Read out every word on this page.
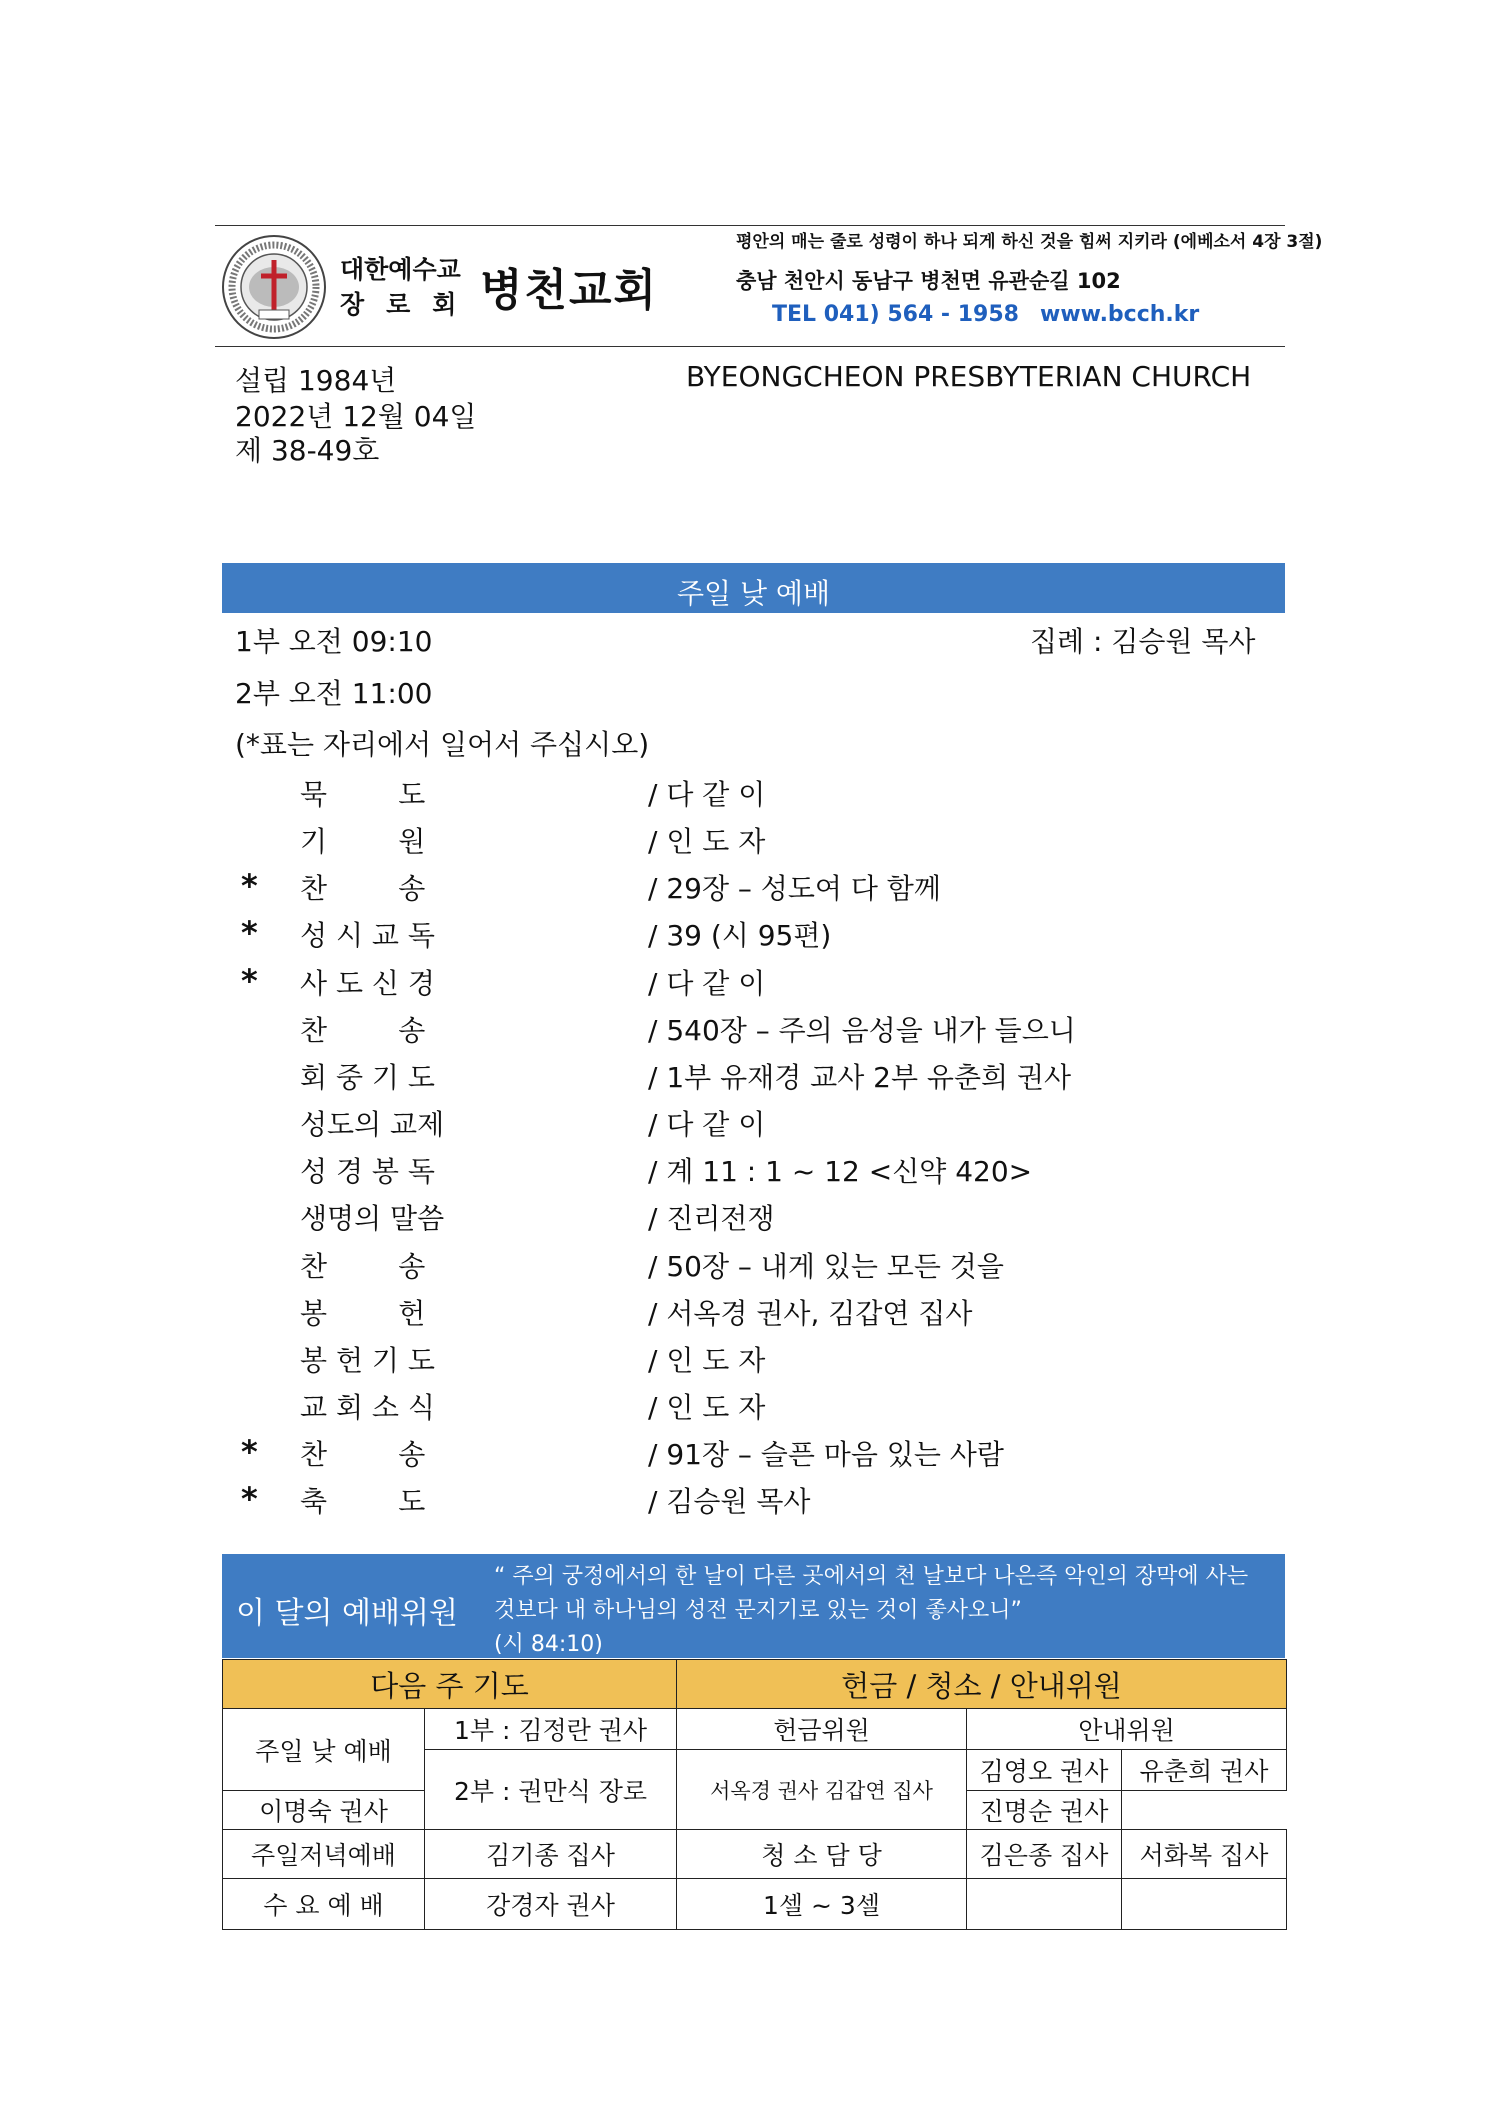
대한예수교
장로회 병천교회
평안의 매는 줄로 성령이 하나 되게 하신 것을 힘써 지키라 (에베소서 4장 3절)
충남 천안시 동남구 병천면 유관순길 102
TEL 041) 564 - 1958 www.bcch.kr
설립 1984년
2022년 12월 04일
제 38-49호
BYEONGCHEON PRESBYTERIAN CHURCH
주일 낮 예배
1부 오전 09:10	집례 : 김승원 목사
2부 오전 11:00
(*표는 자리에서 일어서 주십시오)
묵        도	/ 다 같 이
기        원	/ 인 도 자
* 찬        송	/ 29장 – 성도여 다 함께
* 성 시 교 독	/ 39 (시 95편)
* 사 도 신 경	/ 다 같 이
찬        송	/ 540장 – 주의 음성을 내가 들으니
회 중 기 도	/ 1부 유재경 교사 2부 유춘희 권사
성도의 교제	/ 다 같 이
성 경 봉 독	/ 계 11 : 1 ~ 12 <신약 420>
생명의 말씀	/ 진리전쟁
찬        송	/ 50장 – 내게 있는 모든 것을
봉        헌	/ 서옥경 권사, 김갑연 집사
봉 헌 기 도	/ 인 도 자
교 회 소 식	/ 인 도 자
* 찬        송	/ 91장 – 슬픈 마음 있는 사람
* 축        도	/ 김승원 목사
이 달의 예배위원
“ 주의 궁정에서의 한 날이 다른 곳에서의 천 날보다 나은즉 악인의 장막에 사는 것보다 내 하나님의 성전 문지기로 있는 것이 좋사오니”
(시 84:10)
다음 주 기도		헌금 / 청소 / 안내위원		
주일 낮 예배	1부 : 김정란 권사	헌금위원	안내위원	
	2부 : 권만식 장로	서옥경 권사 김갑연 집사	김영오 권사	유춘희 권사
이명숙 권사			진명순 권사	
주일저녁예배	김기종 집사	청 소 담 당	김은종 집사	서화복 집사
수 요 예 배	강경자 권사	1셀 ~ 3셀		
